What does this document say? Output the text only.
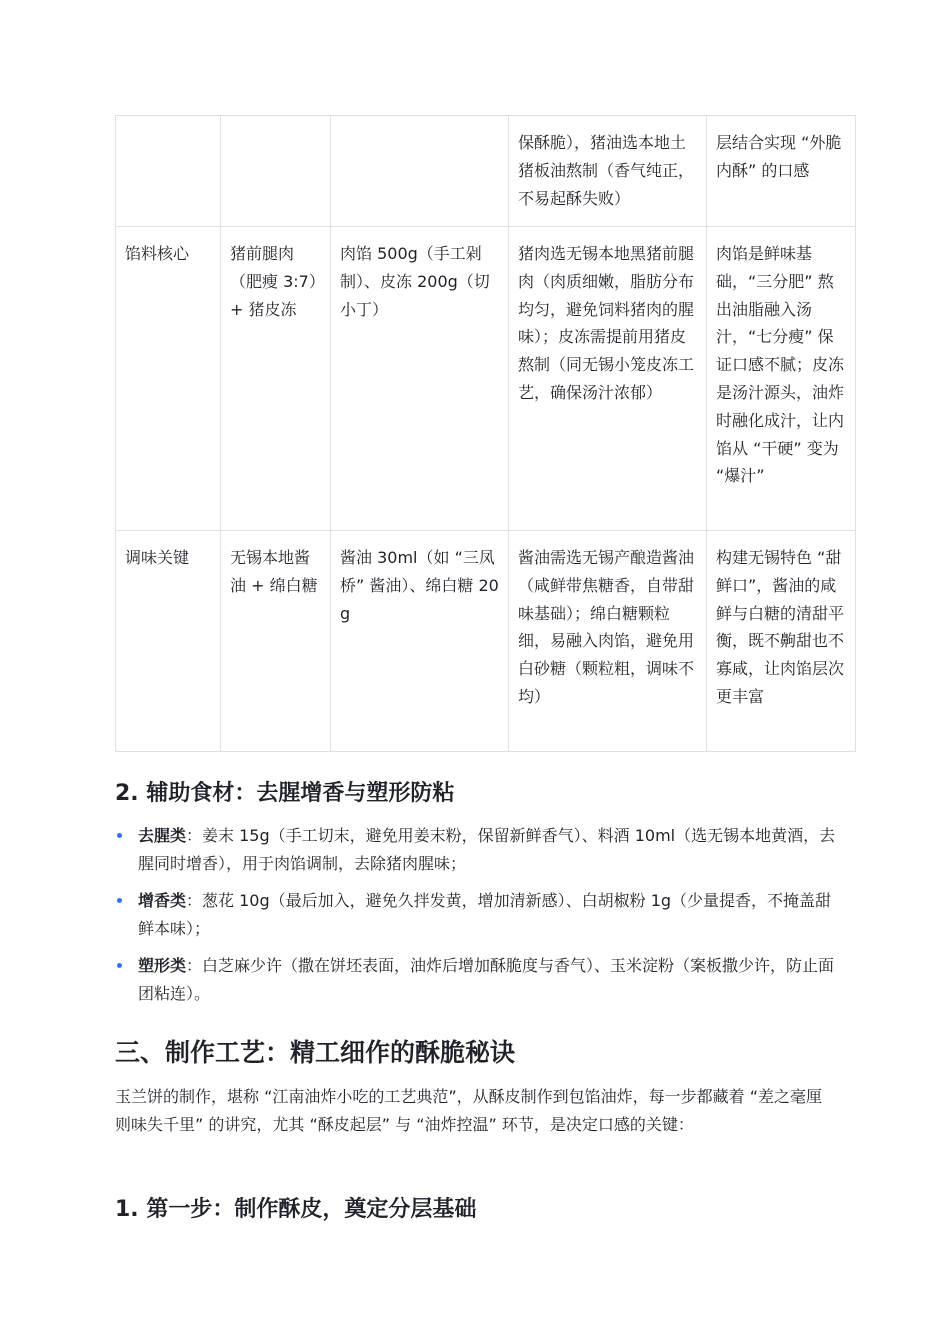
			保酥脆），猪油选本地土猪板油熬制（香气纯正，不易起酥失败）	层结合实现 “外脆内酥” 的口感
馅料核心	猪前腿肉（肥瘦 3:7）+ 猪皮冻	肉馅 500g（手工剁制）、皮冻 200g（切小丁）	猪肉选无锡本地黑猪前腿肉（肉质细嫩，脂肪分布均匀，避免饲料猪肉的腥味）；皮冻需提前用猪皮熬制（同无锡小笼皮冻工艺，确保汤汁浓郁）	肉馅是鲜味基础，“三分肥” 熬出油脂融入汤汁，“七分瘦” 保证口感不腻；皮冻是汤汁源头，油炸时融化成汁，让内馅从 “干硬” 变为 “爆汁”
调味关键	无锡本地酱油 + 绵白糖	酱油 30ml（如 “三凤桥” 酱油）、绵白糖 20g	酱油需选无锡产酿造酱油（咸鲜带焦糖香，自带甜味基础）；绵白糖颗粒细，易融入肉馅，避免用白砂糖（颗粒粗，调味不均）	构建无锡特色 “甜鲜口”，酱油的咸鲜与白糖的清甜平衡，既不齁甜也不寡咸，让肉馅层次更丰富
2. 辅助食材：去腥增香与塑形防粘
去腥类：姜末 15g（手工切末，避免用姜末粉，保留新鲜香气）、料酒 10ml（选无锡本地黄酒，去腥同时增香），用于肉馅调制，去除猪肉腥味；
增香类：葱花 10g（最后加入，避免久拌发黄，增加清新感）、白胡椒粉 1g（少量提香，不掩盖甜鲜本味）；
塑形类：白芝麻少许（撒在饼坯表面，油炸后增加酥脆度与香气）、玉米淀粉（案板撒少许，防止面团粘连）。
三、制作工艺：精工细作的酥脆秘诀

玉兰饼的制作，堪称 “江南油炸小吃的工艺典范”，从酥皮制作到包馅油炸，每一步都藏着 “差之毫厘则味失千里” 的讲究，尤其 “酥皮起层” 与 “油炸控温” 环节，是决定口感的关键：

1. 第一步：制作酥皮，奠定分层基础
